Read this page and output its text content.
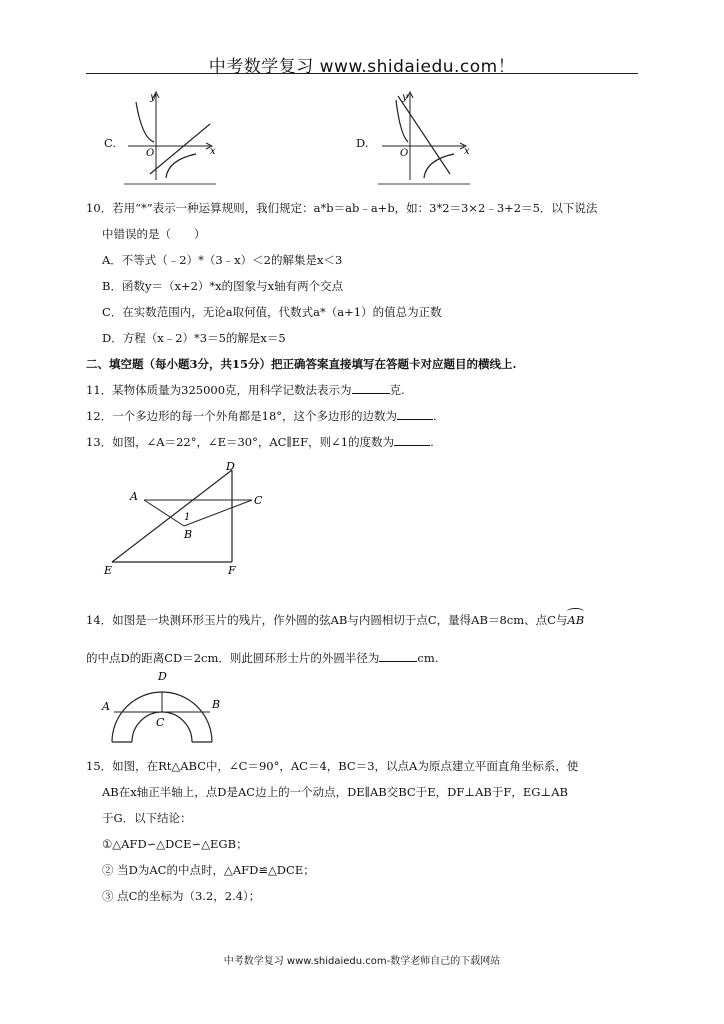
中考数学复习 www.shidaiedu.com！
C.
y
x
O
D.
y
x
O
10．若用“*”表示一种运算规则，我们规定：a*b＝ab﹣a+b，如：3*2＝3×2﹣3+2＝5．以下说法
中错误的是（　　）
A．不等式（﹣2）*（3﹣x）＜2的解集是x＜3
B．函数y＝（x+2）*x的图象与x轴有两个交点
C．在实数范围内，无论a取何值，代数式a*（a+1）的值总为正数
D．方程（x﹣2）*3＝5的解是x＝5
二、填空题（每小题3分，共15分）把正确答案直接填写在答题卡对应题目的横线上.
11．某物体质量为325000克，用科学记数法表示为	克.
12．一个多边形的每一个外角都是18°，这个多边形的边数为	.
13．如图，∠A＝22°，∠E＝30°，AC∥EF，则∠1的度数为	.
A
1
B
C
D
E	F
14．如图是一块测环形玉片的残片，作外圆的弦AB与内圆相切于点C，量得AB＝8cm、点C与
AB
的中点D的距离CD＝2cm．则此圆环形士片的外圆半径为	cm.
D
A	B
C
15．如图，在Rt△ABC中，∠C＝90°，AC＝4，BC＝3，以点A为原点建立平面直角坐标系，使
AB在x轴正半轴上，点D是AC边上的一个动点，DE∥AB交BC于E，DF⊥AB于F，EG⊥AB
于G．以下结论：
①△AFD∽△DCE∽△EGB；
② 当D为AC的中点时，△AFD≌△DCE；
③ 点C的坐标为（3.2，2.4）；
中考数学复习 www.shidaiedu.com-数学老师自己的下载网站
